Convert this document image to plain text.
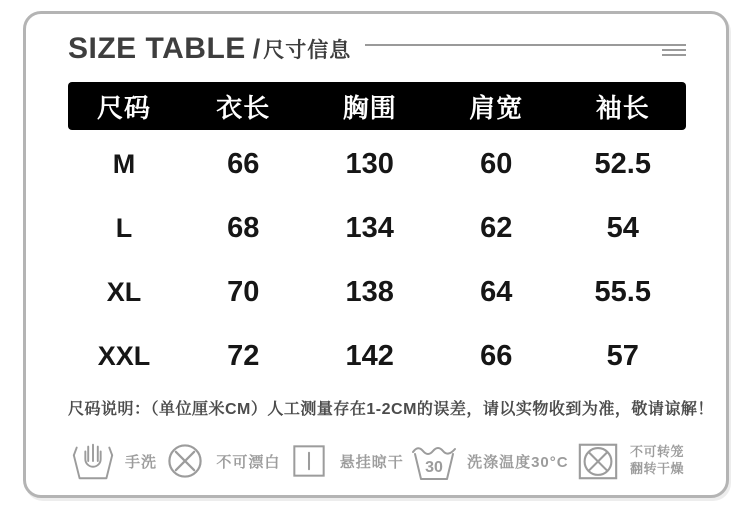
SIZE TABLE / 尺寸信息
尺码	衣长	胸围	肩宽	袖长
M	66	130	60	52.5
L	68	134	62	54
XL	70	138	64	55.5
XXL	72	142	66	57

尺码说明：（单位厘米CM）人工测量存在1-2CM的误差，请以实物收到为准，敬请谅解！

手洗	不可漂白	悬挂晾干 30 洗涤温度30°C
不可转笼
翻转干燥
